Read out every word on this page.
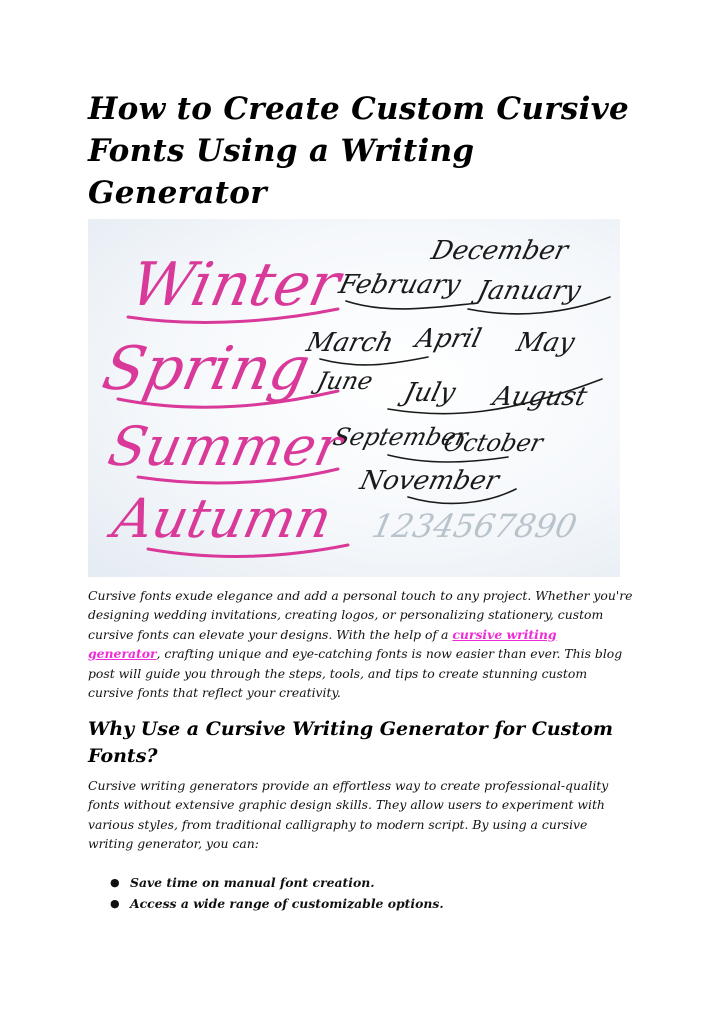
How to Create Custom Cursive Fonts Using a Writing Generator
Winter
Spring
Summer
Autumn
December
February January
March April May
June July August
September
October
November
1234567890

Cursive fonts exude elegance and add a personal touch to any project. Whether you're designing wedding invitations, creating logos, or personalizing stationery, custom cursive fonts can elevate your designs. With the help of a cursive writing generator, crafting unique and eye-catching fonts is now easier than ever. This blog post will guide you through the steps, tools, and tips to create stunning custom cursive fonts that reflect your creativity.

Why Use a Cursive Writing Generator for Custom Fonts?

Cursive writing generators provide an effortless way to create professional-quality fonts without extensive graphic design skills. They allow users to experiment with various styles, from traditional calligraphy to modern script. By using a cursive writing generator, you can:

● Save time on manual font creation.
● Access a wide range of customizable options.
